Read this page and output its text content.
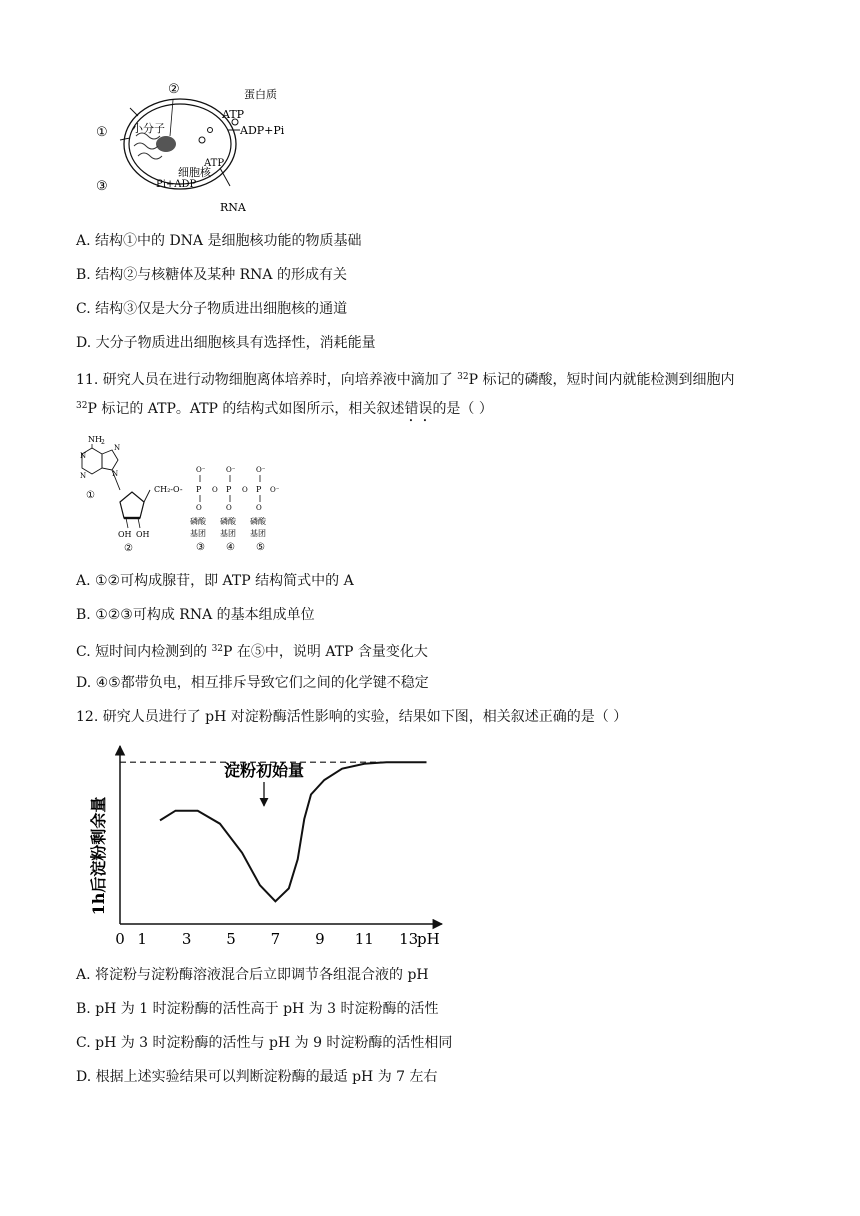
①
②
③
小分子
蛋白质
ATP
ADP+Pi
ATP
细胞核
Pi+ADP
RNA
A. 结构①中的 DNA 是细胞核功能的物质基础
B. 结构②与核糖体及某种 RNA 的形成有关
C. 结构③仅是大分子物质进出细胞核的通道
D. 大分子物质进出细胞核具有选择性，消耗能量
11. 研究人员在进行动物细胞离体培养时，向培养液中滴加了 $^{32}$P 标记的磷酸，短时间内就能检测到细胞内
$^{32}$P 标记的 ATP。ATP 的结构式如图所示，相关叙述错误的是（ ）
NH 2
N
N
N
N
①
OH OH
②
CH₂-O-
O⁻
P
O
O
O⁻
P
O
O
O⁻
P
O
O⁻
磷酸
基团
③
磷酸
基团
④
磷酸
基团
⑤
A. ①②可构成腺苷，即 ATP 结构简式中的 A
B. ①②③可构成 RNA 的基本组成单位
C. 短时间内检测到的 $^{32}$P 在⑤中，说明 ATP 含量变化大
D. ④⑤都带负电，相互排斥导致它们之间的化学键不稳定
12. 研究人员进行了 pH 对淀粉酶活性影响的实验，结果如下图，相关叙述正确的是（ ）
1h后淀粉剩余量
pH
淀粉初始量
0 1 3 5 7 9 11 13
A. 将淀粉与淀粉酶溶液混合后立即调节各组混合液的 pH
B. pH 为 1 时淀粉酶的活性高于 pH 为 3 时淀粉酶的活性
C. pH 为 3 时淀粉酶的活性与 pH 为 9 时淀粉酶的活性相同
D. 根据上述实验结果可以判断淀粉酶的最适 pH 为 7 左右
